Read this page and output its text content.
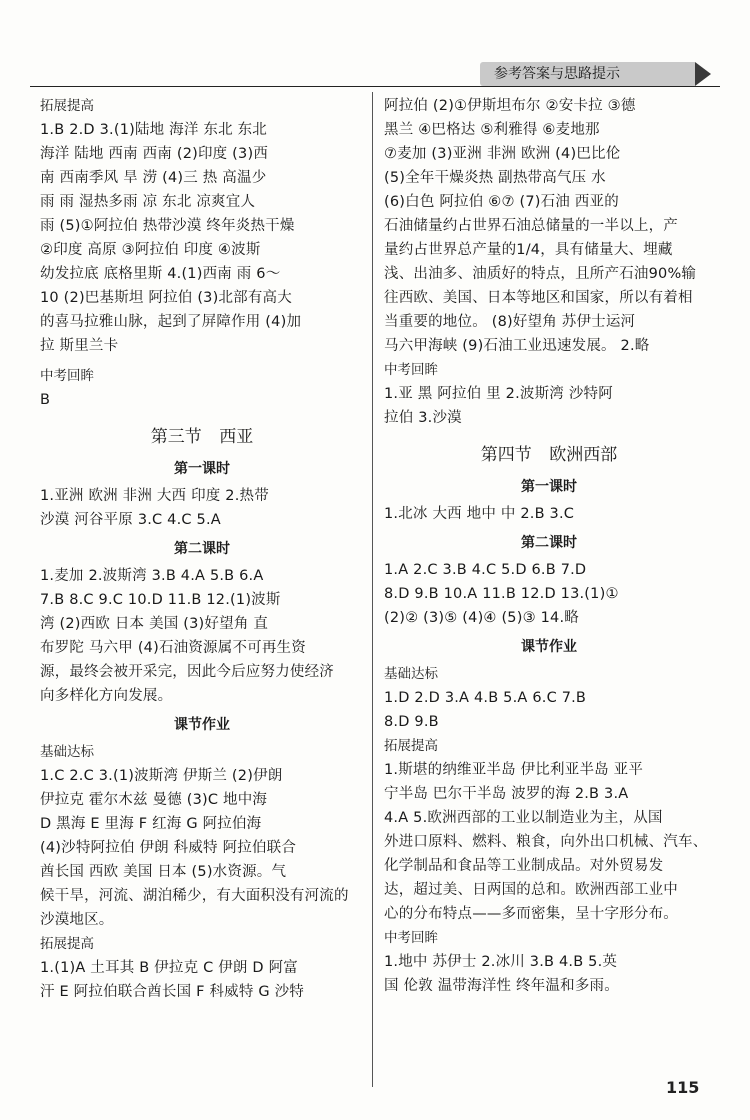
参考答案与思路提示
拓展提高
1.B 2.D 3.(1)陆地 海洋 东北 东北
海洋 陆地 西南 西南 (2)印度 (3)西
南 西南季风 旱 涝 (4)三 热 高温少
雨 雨 湿热多雨 凉 东北 凉爽宜人
雨 (5)①阿拉伯 热带沙漠 终年炎热干燥
②印度 高原 ③阿拉伯 印度 ④波斯
幼发拉底 底格里斯 4.(1)西南 雨 6～
10 (2)巴基斯坦 阿拉伯 (3)北部有高大
的喜马拉雅山脉，起到了屏障作用 (4)加
拉 斯里兰卡
中考回眸
B
第三节 西亚
第一课时
1.亚洲 欧洲 非洲 大西 印度 2.热带
沙漠 河谷平原 3.C 4.C 5.A
第二课时
1.麦加 2.波斯湾 3.B 4.A 5.B 6.A
7.B 8.C 9.C 10.D 11.B 12.(1)波斯
湾 (2)西欧 日本 美国 (3)好望角 直
布罗陀 马六甲 (4)石油资源属不可再生资
源，最终会被开采完，因此今后应努力使经济
向多样化方向发展。
课节作业
基础达标
1.C 2.C 3.(1)波斯湾 伊斯兰 (2)伊朗
伊拉克 霍尔木兹 曼德 (3)C 地中海
D 黑海 E 里海 F 红海 G 阿拉伯海
(4)沙特阿拉伯 伊朗 科威特 阿拉伯联合
酋长国 西欧 美国 日本 (5)水资源。气
候干旱，河流、湖泊稀少，有大面积没有河流的
沙漠地区。
拓展提高
1.(1)A 土耳其 B 伊拉克 C 伊朗 D 阿富
汗 E 阿拉伯联合酋长国 F 科威特 G 沙特
阿拉伯 (2)①伊斯坦布尔 ②安卡拉 ③德
黑兰 ④巴格达 ⑤利雅得 ⑥麦地那
⑦麦加 (3)亚洲 非洲 欧洲 (4)巴比伦
(5)全年干燥炎热 副热带高气压 水
(6)白色 阿拉伯 ⑥⑦ (7)石油 西亚的
石油储量约占世界石油总储量的一半以上，产
量约占世界总产量的1/4，具有储量大、埋藏
浅、出油多、油质好的特点，且所产石油90%输
往西欧、美国、日本等地区和国家，所以有着相
当重要的地位。 (8)好望角 苏伊士运河
马六甲海峡 (9)石油工业迅速发展。 2.略
中考回眸
1.亚 黑 阿拉伯 里 2.波斯湾 沙特阿
拉伯 3.沙漠
第四节 欧洲西部
第一课时
1.北冰 大西 地中 中 2.B 3.C
第二课时
1.A 2.C 3.B 4.C 5.D 6.B 7.D
8.D 9.B 10.A 11.B 12.D 13.(1)①
(2)② (3)⑤ (4)④ (5)③ 14.略
课节作业
基础达标
1.D 2.D 3.A 4.B 5.A 6.C 7.B
8.D 9.B
拓展提高
1.斯堪的纳维亚半岛 伊比利亚半岛 亚平
宁半岛 巴尔干半岛 波罗的海 2.B 3.A
4.A 5.欧洲西部的工业以制造业为主，从国
外进口原料、燃料、粮食，向外出口机械、汽车、
化学制品和食品等工业制成品。对外贸易发
达，超过美、日两国的总和。欧洲西部工业中
心的分布特点——多而密集，呈十字形分布。
中考回眸
1.地中 苏伊士 2.冰川 3.B 4.B 5.英
国 伦敦 温带海洋性 终年温和多雨。
115
